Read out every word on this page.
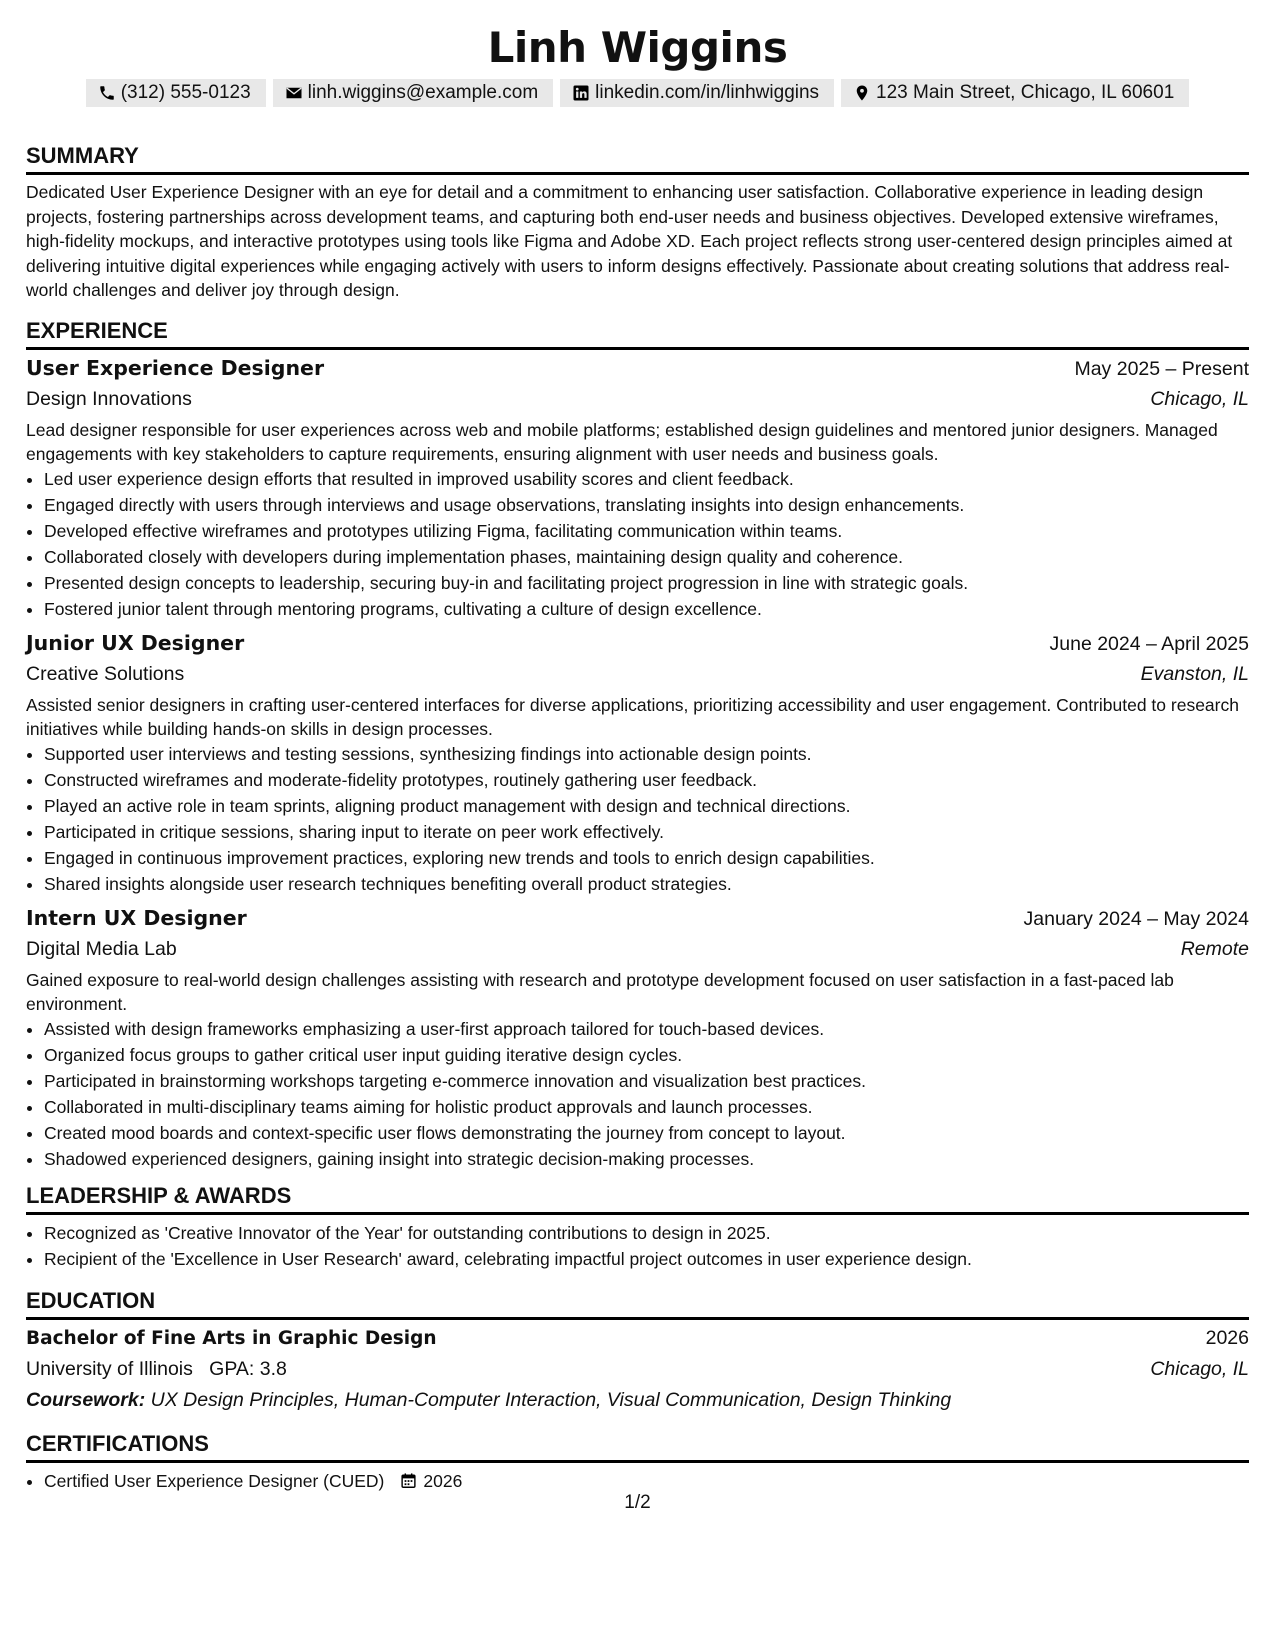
Linh Wiggins
(312) 555-0123	linh.wiggins@example.com	linkedin.com/in/linhwiggins	123 Main Street, Chicago, IL 60601
SUMMARY

Dedicated User Experience Designer with an eye for detail and a commitment to enhancing user satisfaction. Collaborative experience in leading design projects, fostering partnerships across development teams, and capturing both end-user needs and business objectives. Developed extensive wireframes, high-fidelity mockups, and interactive prototypes using tools like Figma and Adobe XD. Each project reflects strong user-centered design principles aimed at delivering intuitive digital experiences while engaging actively with users to inform designs effectively. Passionate about creating solutions that address real-world challenges and deliver joy through design.

EXPERIENCE
User Experience Designer	May 2025 – Present
Design Innovations	Chicago, IL
Lead designer responsible for user experiences across web and mobile platforms; established design guidelines and mentored junior designers. Managed engagements with key stakeholders to capture requirements, ensuring alignment with user needs and business goals.
• Led user experience design efforts that resulted in improved usability scores and client feedback.
• Engaged directly with users through interviews and usage observations, translating insights into design enhancements.
• Developed effective wireframes and prototypes utilizing Figma, facilitating communication within teams.
• Collaborated closely with developers during implementation phases, maintaining design quality and coherence.
• Presented design concepts to leadership, securing buy-in and facilitating project progression in line with strategic goals.
• Fostered junior talent through mentoring programs, cultivating a culture of design excellence.
Junior UX Designer	June 2024 – April 2025
Creative Solutions	Evanston, IL
Assisted senior designers in crafting user-centered interfaces for diverse applications, prioritizing accessibility and user engagement. Contributed to research initiatives while building hands-on skills in design processes.
• Supported user interviews and testing sessions, synthesizing findings into actionable design points.
• Constructed wireframes and moderate-fidelity prototypes, routinely gathering user feedback.
• Played an active role in team sprints, aligning product management with design and technical directions.
• Participated in critique sessions, sharing input to iterate on peer work effectively.
• Engaged in continuous improvement practices, exploring new trends and tools to enrich design capabilities.
• Shared insights alongside user research techniques benefiting overall product strategies.
Intern UX Designer	January 2024 – May 2024
Digital Media Lab	Remote
Gained exposure to real-world design challenges assisting with research and prototype development focused on user satisfaction in a fast-paced lab environment.
• Assisted with design frameworks emphasizing a user-first approach tailored for touch-based devices.
• Organized focus groups to gather critical user input guiding iterative design cycles.
• Participated in brainstorming workshops targeting e-commerce innovation and visualization best practices.
• Collaborated in multi-disciplinary teams aiming for holistic product approvals and launch processes.
• Created mood boards and context-specific user flows demonstrating the journey from concept to layout.
• Shadowed experienced designers, gaining insight into strategic decision-making processes.
LEADERSHIP & AWARDS
• Recognized as 'Creative Innovator of the Year' for outstanding contributions to design in 2025.
• Recipient of the 'Excellence in User Research' award, celebrating impactful project outcomes in user experience design.
EDUCATION
Bachelor of Fine Arts in Graphic Design	2026
University of Illinois GPA: 3.8	Chicago, IL
Coursework: UX Design Principles, Human-Computer Interaction, Visual Communication, Design Thinking
CERTIFICATIONS
• Certified User Experience Designer (CUED) 2026
1/2
